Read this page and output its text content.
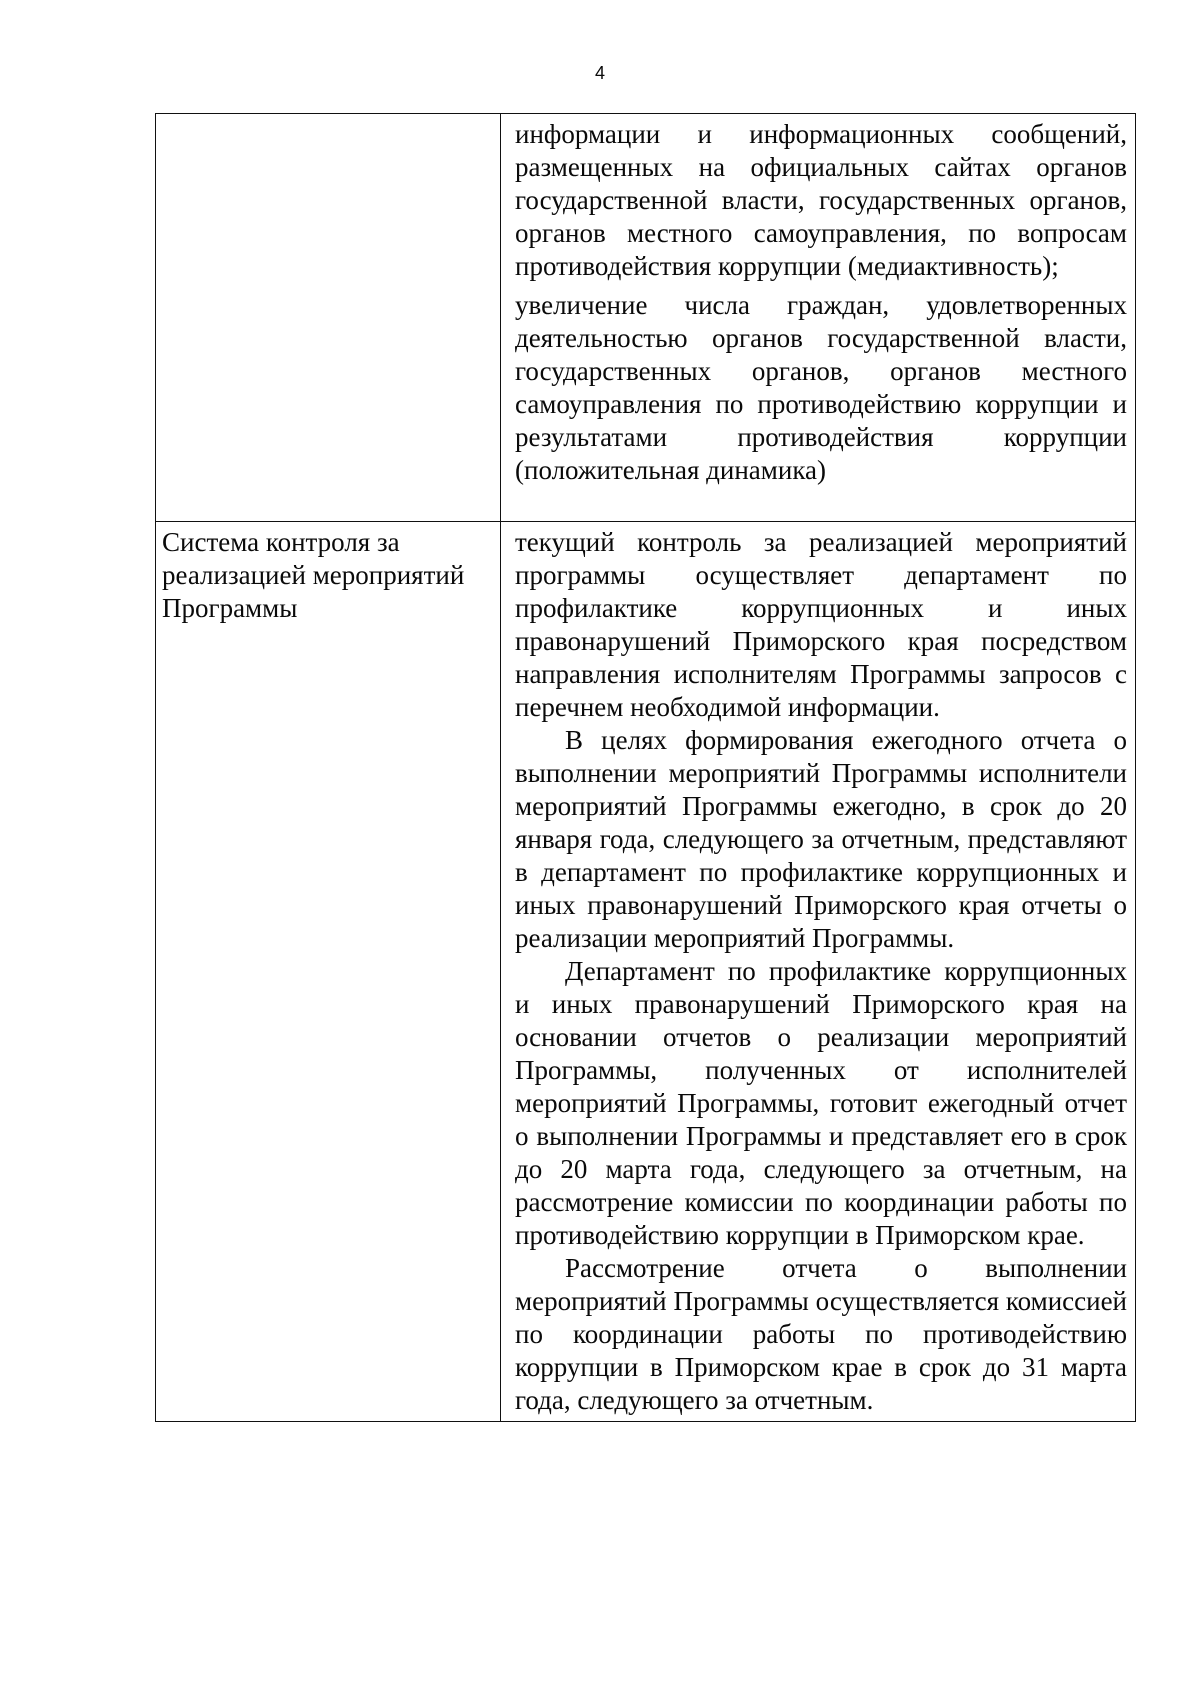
4

	информации и информационных сообщений, размещенных на официальных сайтах органов государственной власти, государственных органов, органов местного самоуправления, по вопросам противодействия коррупции (медиактивность);

увеличение числа граждан, удовлетворенных деятельностью органов государственной власти, государственных органов, органов местного самоуправления по противодействию коррупции и результатами противодействия коррупции (положительная динамика)

Система контроля за реализацией мероприятий Программы	текущий контроль за реализацией мероприятий программы осуществляет департамент по профилактике коррупционных и иных правонарушений Приморского края посредством направления исполнителям Программы запросов с перечнем необходимой информации.

В целях формирования ежегодного отчета о выполнении мероприятий Программы исполнители мероприятий Программы ежегодно, в срок до 20 января года, следующего за отчетным, представляют в департамент по профилактике коррупционных и иных правонарушений Приморского края отчеты о реализации мероприятий Программы.

Департамент по профилактике коррупционных и иных правонарушений Приморского края на основании отчетов о реализации мероприятий Программы, полученных от исполнителей мероприятий Программы, готовит ежегодный отчет о выполнении Программы и представляет его в срок до 20 марта года, следующего за отчетным, на рассмотрение комиссии по координации работы по противодействию коррупции в Приморском крае.

Рассмотрение отчета о выполнении мероприятий Программы осуществляется комиссией по координации работы по противодействию коррупции в Приморском крае в срок до 31 марта года, следующего за отчетным.
